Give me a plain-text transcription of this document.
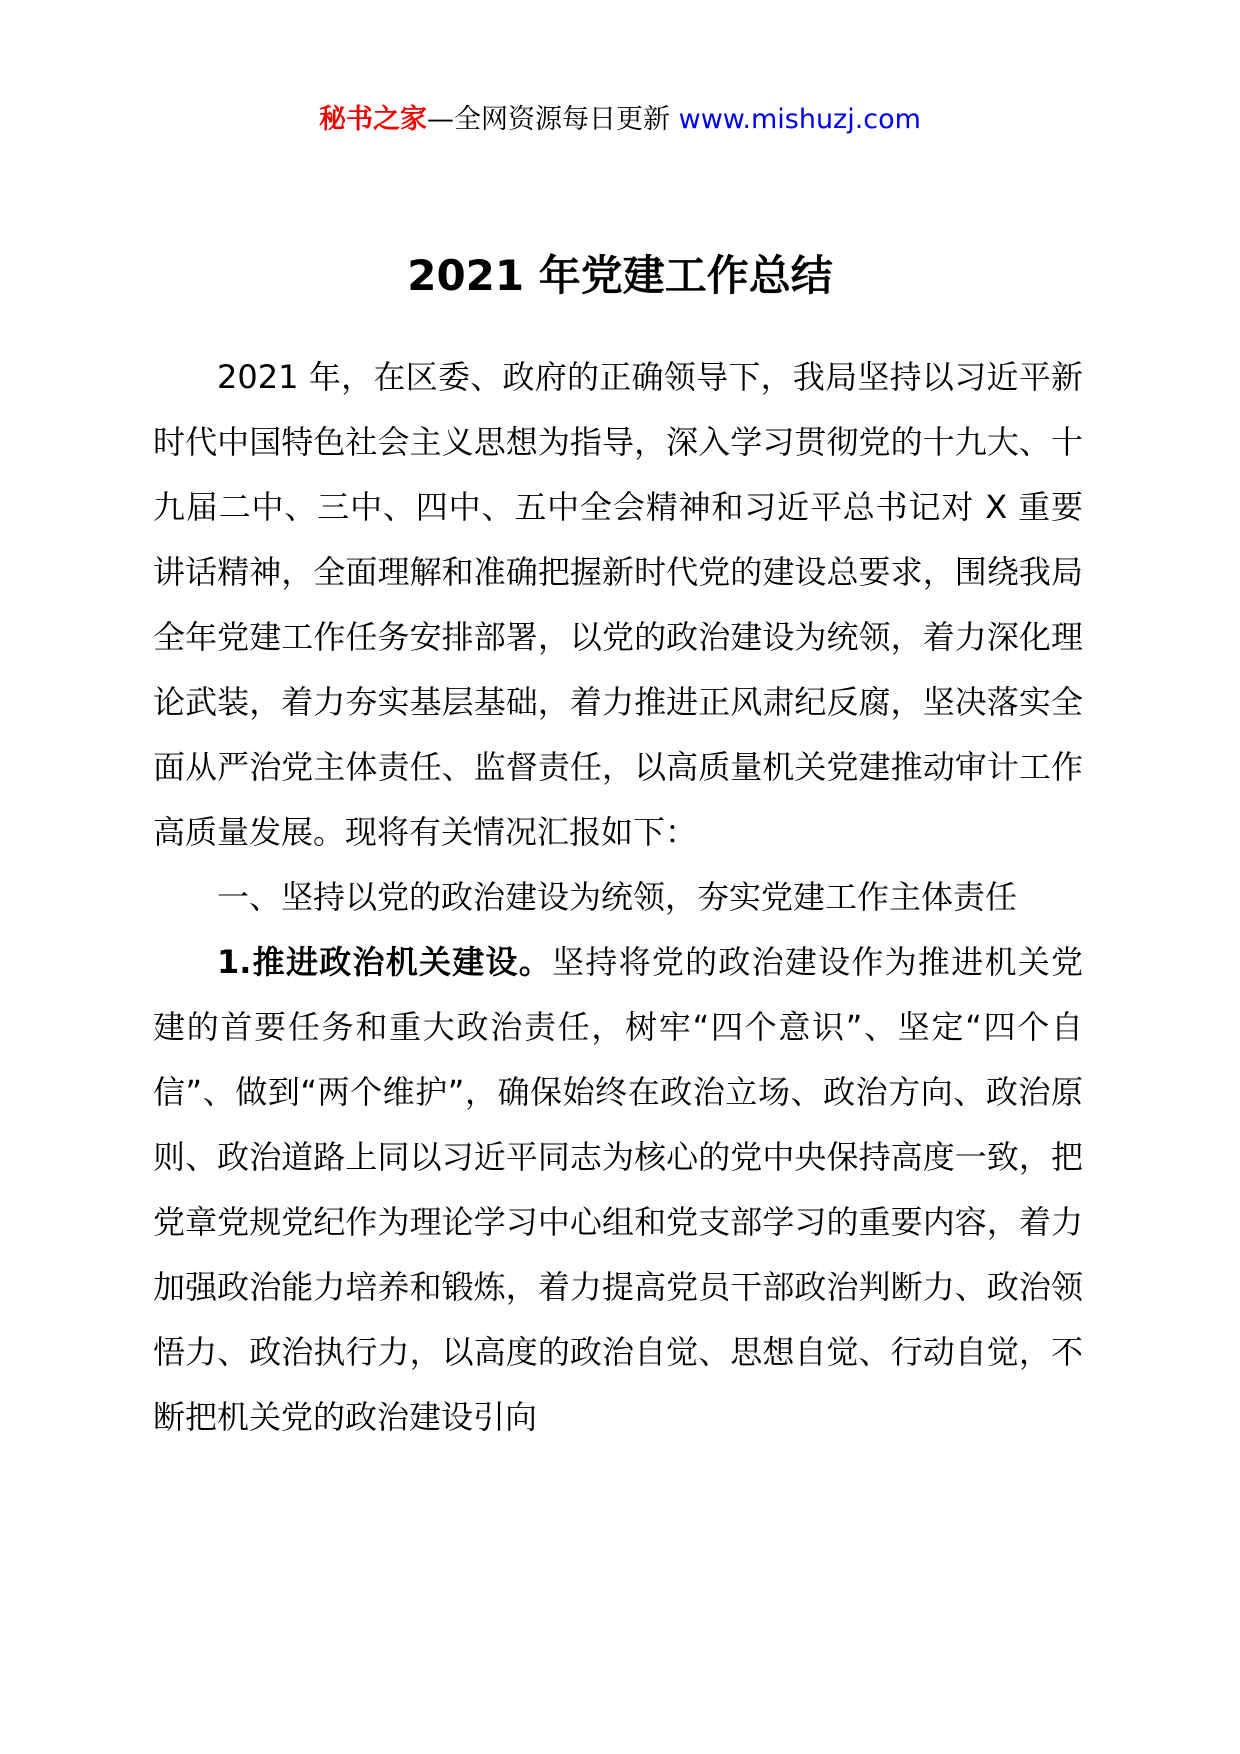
秘书之家—全网资源每日更新 www.mishuzj.com
2021 年党建工作总结

2021 年，在区委、政府的正确领导下，我局坚持以习近平新时代中国特色社会主义思想为指导，深入学习贯彻党的十九大、十九届二中、三中、四中、五中全会精神和习近平总书记对 X 重要讲话精神，全面理解和准确把握新时代党的建设总要求，围绕我局全年党建工作任务安排部署，以党的政治建设为统领，着力深化理论武装，着力夯实基层基础，着力推进正风肃纪反腐，坚决落实全面从严治党主体责任、监督责任，以高质量机关党建推动审计工作高质量发展。现将有关情况汇报如下：

一、坚持以党的政治建设为统领，夯实党建工作主体责任

1.推进政治机关建设。坚持将党的政治建设作为推进机关党建的首要任务和重大政治责任，树牢“四个意识”、坚定“四个自信”、做到“两个维护”，确保始终在政治立场、政治方向、政治原则、政治道路上同以习近平同志为核心的党中央保持高度一致，把党章党规党纪作为理论学习中心组和党支部学习的重要内容，着力加强政治能力培养和锻炼，着力提高党员干部政治判断力、政治领悟力、政治执行力，以高度的政治自觉、思想自觉、行动自觉，不断把机关党的政治建设引向
